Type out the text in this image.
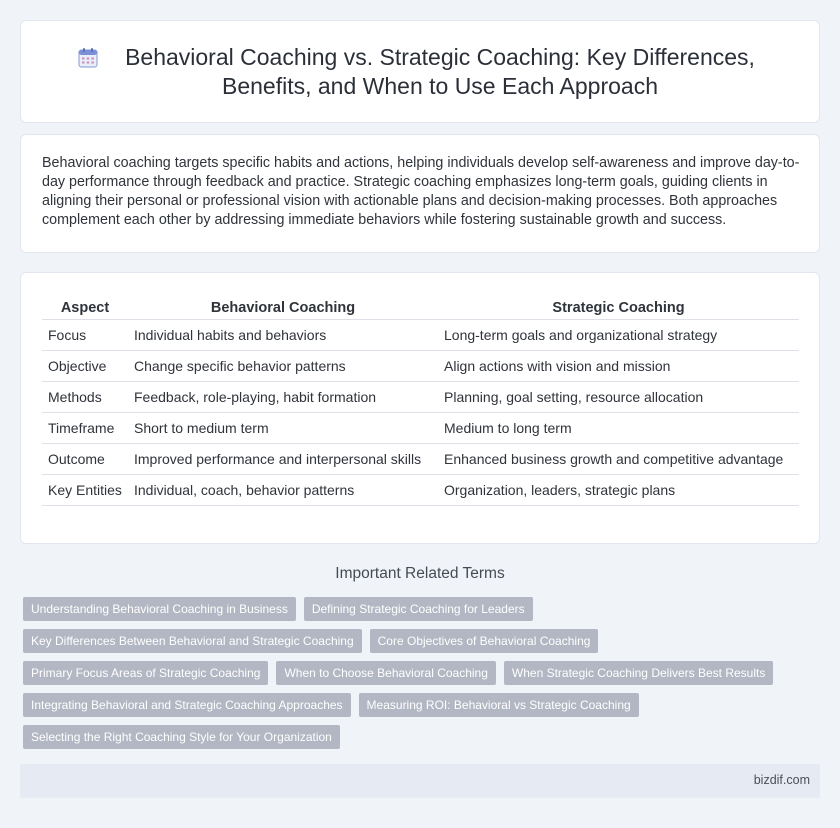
Behavioral Coaching vs. Strategic Coaching: Key Differences, Benefits, and When to Use Each Approach

Behavioral coaching targets specific habits and actions, helping individuals develop self-awareness and improve day-to-day performance through feedback and practice. Strategic coaching emphasizes long-term goals, guiding clients in aligning their personal or professional vision with actionable plans and decision-making processes. Both approaches complement each other by addressing immediate behaviors while fostering sustainable growth and success.

Aspect	Behavioral Coaching	Strategic Coaching
Focus	Individual habits and behaviors	Long-term goals and organizational strategy
Objective	Change specific behavior patterns	Align actions with vision and mission
Methods	Feedback, role-playing, habit formation	Planning, goal setting, resource allocation
Timeframe	Short to medium term	Medium to long term
Outcome	Improved performance and interpersonal skills	Enhanced business growth and competitive advantage
Key Entities	Individual, coach, behavior patterns	Organization, leaders, strategic plans
Important Related Terms
Understanding Behavioral Coaching in Business	Defining Strategic Coaching for Leaders
Key Differences Between Behavioral and Strategic Coaching	Core Objectives of Behavioral Coaching
Primary Focus Areas of Strategic Coaching	When to Choose Behavioral Coaching	When Strategic Coaching Delivers Best Results
Integrating Behavioral and Strategic Coaching Approaches	Measuring ROI: Behavioral vs Strategic Coaching
Selecting the Right Coaching Style for Your Organization
bizdif.com
